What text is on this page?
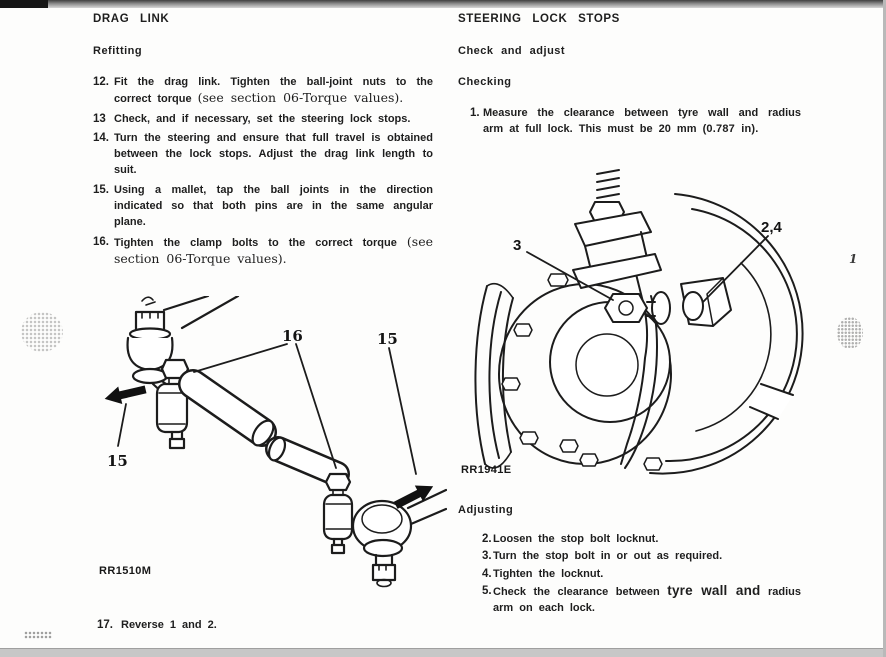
1
DRAG LINK
Refitting
12. Fit the drag link. Tighten the ball-joint nuts to the correct torque (see section 06-Torque values).

13 Check, and if necessary, set the steering lock stops.

14. Turn the steering and ensure that full travel is obtained between the lock stops. Adjust the drag link length to suit.

15. Using a mallet, tap the ball joints in the direction indicated so that both pins are in the same angular plane.

16. Tighten the clamp bolts to the correct torque (see section 06-Torque values).

16	15
15
RR1510M
17. Reverse 1 and 2.
STEERING LOCK STOPS
Check and adjust
Checking
1. Measure the clearance between tyre wall and radius arm at full lock. This must be 20 mm (0.787 in).

3
2,4
RR1941E
Adjusting
2. Loosen the stop bolt locknut.

3. Turn the stop bolt in or out as required.

4. Tighten the locknut.

5. Check the clearance between tyre wall and radius arm on each lock.
